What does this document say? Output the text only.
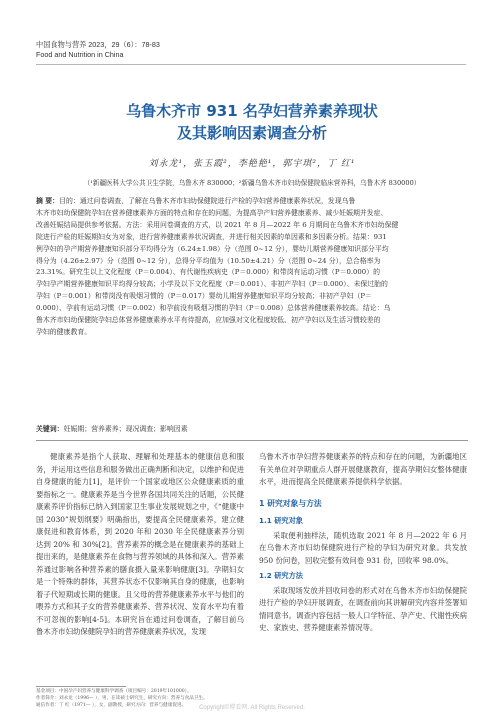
中国食物与营养 2023，29（6）：78-83
Food and Nutrition in China
乌鲁木齐市 931 名孕妇营养素养现状
及其影响因素调查分析
刘永龙¹，张玉霞²，李艳艳¹，郭宇琪²，丁 红¹
（¹新疆医科大学公共卫生学院，乌鲁木齐 830000；²新疆乌鲁木齐市妇幼保健院临床营养科，乌鲁木齐 830000）
摘 要：目的：通过问卷调查，了解在乌鲁木齐市妇幼保健院进行产检的孕妇营养健康素养状况，发现乌鲁
木齐市妇幼保健院孕妇在营养健康素养方面的特点和存在的问题，为提高孕产妇营养健康素养、减少妊娠期并发症、
改善妊娠结局提供参考依据。方法：采用问卷调查的方式，以 2021 年 8 月—2022 年 6 月期间在乌鲁木齐市妇幼保健
院进行产检的妊娠期妇女为对象，进行营养健康素养状况调查，并进行相关因素的单因素和多因素分析。结果：931
例孕妇的孕产期营养健康知识部分平均得分为（6.24±1.98）分（范围 0~12 分），婴幼儿期营养健康知识部分平均
得分为（4.26±2.97）分（范围 0~12 分），总得分平均值为（10.50±4.21）分（范围 0~24 分），总合格率为
23.31%。研究生以上文化程度（P＝0.004）、有代谢性疾病史（P＝0.000）和带岗有运动习惯（P＝0.000）的
孕妇孕产期营养健康知识平均得分较高；小学及以下文化程度（P＝0.001）、非初产孕妇（P＝0.000）、未保过胎的
孕妇（P＝0.001）和带岗没有吸烟习惯的（P＝0.017）婴幼儿期营养健康知识平均分较高；非初产孕妇（P＝
0.000）、孕前有运动习惯（P＝0.002）和孕前没有吸烟习惯的孕妇（P＝0.008）总体营养健康素养较高。结论：乌
鲁木齐市妇幼保健院孕妇总体营养健康素养水平有待提高，应加强对文化程度较低、初产孕妇以及生活习惯较差的
孕妇的健康教育。
关键词：妊娠期；营养素养；现况调查；影响因素

健康素养是指个人获取、理解和处理基本的健康信息和服务，并运用这些信息和服务做出正确判断和决定，以维护和促进自身健康的能力[1]，是评价一个国家或地区公众健康素质的重要指标之一。健康素养是当今世界各国共同关注的话题，公民健康素养评价指标已纳入到国家卫生事业发展规划之中，《“健康中国 2030”规划纲要》明确指出，要提高全民健康素养，建立健康促进和教育体系，到 2020 年和 2030 年全民健康素养分别达到 20% 和 30%[2]。营养素养的概念是在健康素养的基础上提出来的，是健康素养在食物与营养领域的具体和深入。营养素养通过影响各种营养素的膳食摄入量来影响健康[3]。孕期妇女是一个特殊的群体，其营养状态不仅影响其自身的健康，也影响着子代短期或长期的健康。且父母的营养健康素养水平与他们的喂养方式和其子女的营养健康素养、营养状况、发育水平均有着不可忽视的影响[4-5]。本研究旨在通过问卷调查，了解目前乌鲁木齐市妇幼保健院孕妇的营养健康素养状况，发现

乌鲁木齐市孕妇营养健康素养的特点和存在的问题，为新疆地区有关单位对孕期重点人群开展健康教育，提高孕期妇女整体健康水平，进而提高全民健康素养提供科学依据。

1 研究对象与方法
1.1 研究对象

采取便利抽样法，随机选取 2021 年 8 月—2022 年 6 月在乌鲁木齐市妇幼保健院进行产检的孕妇为研究对象。共发放 950 份问卷，回收完整有效问卷 931 份，回收率 98.0%。

1.2 研究方法

采取现场发放并回收问卷的形式对在乌鲁木齐市妇幼保健院进行产检的孕妇开展调查，在调查前向其讲解研究内容并签署知情同意书。调查内容包括一般人口学特征、孕产史、代谢性疾病史、家族史、营养健康素养情况等。

基金项目：中国孕产妇营养与健康科学调查（项目编号：2019年101000）。
作者简介：刘永龙（1996— ），男，在读硕士研究生，研究方向：营养与食品卫生。
通信作者：丁 红（1971— ），女，副教授，研究方向：营养与健康促进。	Copyright©博看网. All Rights Reserved.
